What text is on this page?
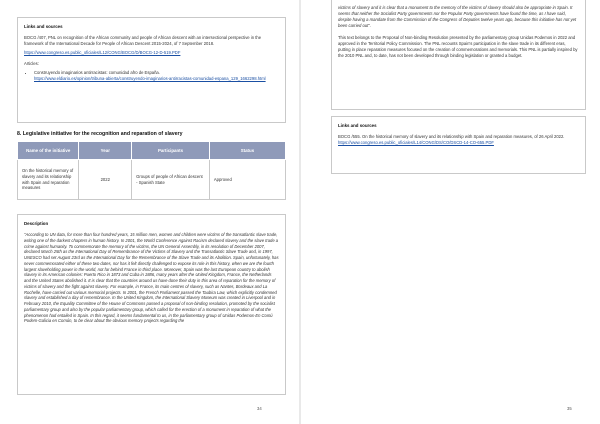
Links and sources

BOCG /407, PNL on recognition of the African community and people of African descent with an intersectional perspective in the framework of the International Decade for People of African Descent 2015-2024, of 7 September 2018.

https://www.congreso.es.public_oficiales/L12/CONG/BOCG/D/BOCG-12-D-519.PDF

Articles:

• Construyendo imaginarios antirracistas: comunidad afro de España.
https://www.eldiario.es/opinion/tribuna-abierta/construyendo-imaginarios-antirracistas-comunidad-espana_129_1662298.html
8. Legislative initiative for the recognition and reparation of slavery
Name of the initiative	Year	Participants	Status
On the historical memory of slavery and its relationship with Spain and reparation measures	2022	Groups of people of African descent - Spanish State	Approved
Description

"According to UN data, for more than four hundred years, 15 million men, women and children were victims of the transatlantic slave trade, writing one of the darkest chapters in human history. In 2001, the World Conference Against Racism declared slavery and the slave trade a crime against humanity. To commemorate the memory of the victims, the UN General Assembly, in its resolution of December 2007, declared March 25th as the International Day of Remembrance of the Victims of Slavery and the Transatlantic Slave Trade and, in 1997, UNESCO had set August 23rd as the International Day for the Remembrance of the Slave Trade and its Abolition. Spain, unfortunately, has never commemorated either of these two dates, nor has it felt directly challenged to expose its role in this history, when we are the fourth largest slaveholding power in the world, not far behind France in third place. Moreover, Spain was the last European country to abolish slavery in its American colonies: Puerto Rico in 1873 and Cuba in 1886, many years after the United Kingdom, France, the Netherlands and the United States abolished it. It is clear that the countries around us have done their duty in this area of reparation for the memory of victims of slavery and the fight against slavery. For example, in France, its main centres of slavery, such as Nantes, Bordeaux and La Rochelle, have carried out various memorial projects. In 2001, the French Parliament passed the Taubira Law, which explicitly condemned slavery and established a day of remembrance. In the United Kingdom, the International Slavery Museum was created in Liverpool and in February 2010, the Equality Committee of the House of Commons passed a proposal of non-binding resolution, promoted by the socialist parliamentary group and also by the popular parliamentary group, which called for the erection of a monument in reparation of what the phenomenon had entailed in Spain. In this regard, it seems fundamental to us, in the parliamentary group of Unidas Podemos-En Comú Podem-Galicia en Común, to be clear about the obvious memory projects regarding the

34

victims of slavery and it is clear that a monument to the memory of the victims of slavery should also be appropriate in Spain. It seems that neither the Socialist Party governments nor the Popular Party governments have found the time, as I have said, despite having a mandate from the Commission of the Congress of Deputies twelve years ago, because this initiative has not yet been carried out".

This text belongs to the Proposal of Non-binding Resolution presented by the parliamentary group Unidas Podemos in 2022 and approved in the Territorial Policy Commission. The PNL recounts Spain's participation in the slave trade in its different eras, putting in place reparation measures focused on the creation of commemorations and memorials. This PNL is partially inspired by the 2010 PNL and, to date, has not been developed through binding legislation or granted a budget.

Links and sources

BOCG /555. On the historical memory of slavery and its relationship with Spain and reparation measures, of 26 April 2022. https://www.congreso.es.public_oficiales/L14/CONG/DS/CO/DSCD-14-CO-655.PDF

35
